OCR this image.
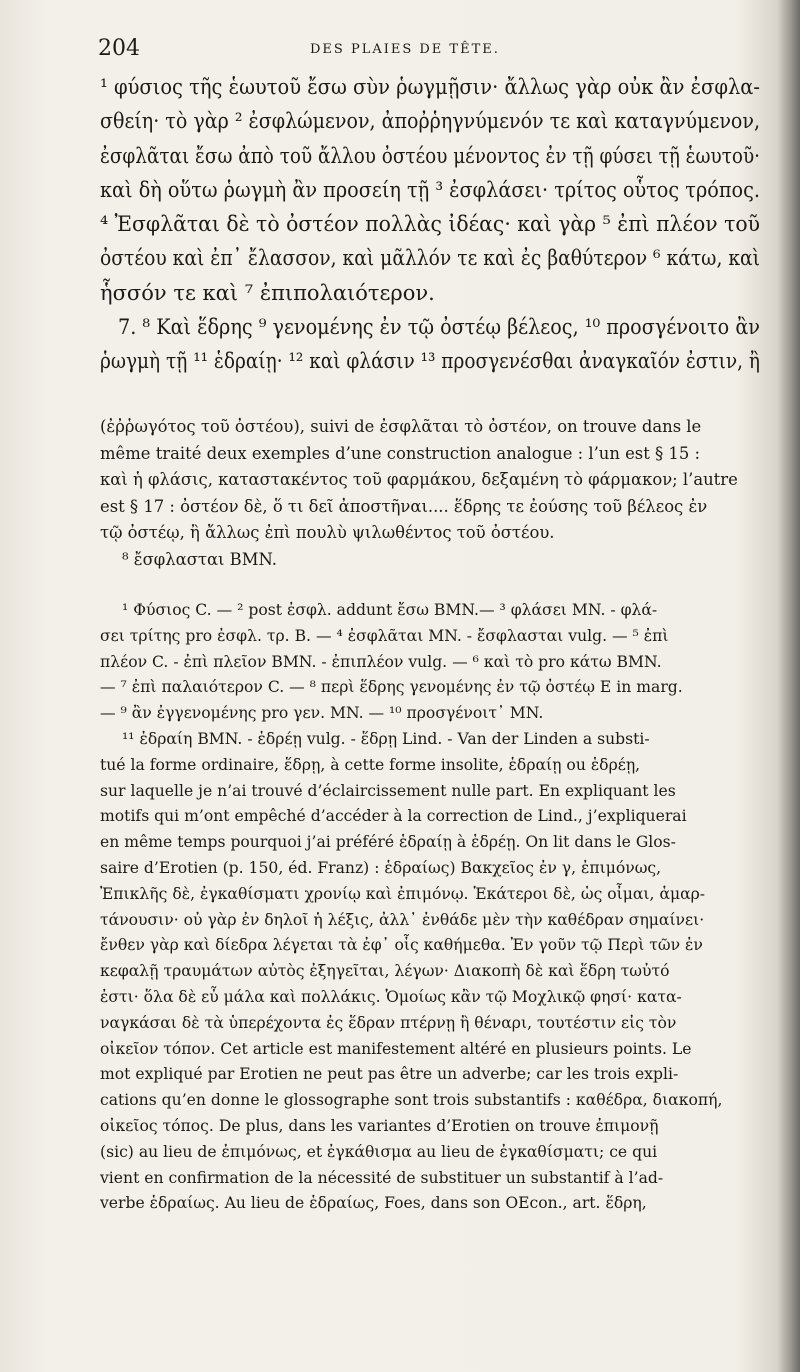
204	DES PLAIES DE TÊTE.
¹ φύσιος τῆς ἑωυτοῦ ἔσω σὺν ῥωγμῇσιν· ἄλλως γὰρ οὐκ ἂν ἐσφλα-
σθείη· τὸ γὰρ ² ἐσφλώμενον, ἀποῤῥηγνύμενόν τε καὶ καταγνύμενον,
ἐσφλᾶται ἔσω ἀπὸ τοῦ ἄλλου ὀστέου μένοντος ἐν τῇ φύσει τῇ ἑωυτοῦ·
καὶ δὴ οὕτω ῥωγμὴ ἂν προσείη τῇ ³ ἐσφλάσει· τρίτος οὗτος τρόπος.
⁴ Ἐσφλᾶται δὲ τὸ ὀστέον πολλὰς ἰδέας· καὶ γὰρ ⁵ ἐπὶ πλέον τοῦ
ὀστέου καὶ ἐπ᾽ ἔλασσον, καὶ μᾶλλόν τε καὶ ἐς βαθύτερον ⁶ κάτω, καὶ
ἧσσόν τε καὶ ⁷ ἐπιπολαιότερον.
7. ⁸ Καὶ ἕδρης ⁹ γενομένης ἐν τῷ ὀστέῳ βέλεος, ¹⁰ προσγένοιτο ἂν
ῥωγμὴ τῇ ¹¹ ἑδραίῃ· ¹² καὶ φλάσιν ¹³ προσγενέσθαι ἀναγκαῖόν ἐστιν, ἢ
(ἐῤῥωγότος τοῦ ὀστέου), suivi de ἐσφλᾶται τὸ ὀστέον, on trouve dans le
même traité deux exemples d’une construction analogue : l’un est § 15 :
καὶ ἡ φλάσις, καταστακέντος τοῦ φαρμάκου, δεξαμένη τὸ φάρμακον; l’autre
est § 17 : ὀστέον δὲ, ὅ τι δεῖ ἀποστῆναι.... ἕδρης τε ἐούσης τοῦ βέλεος ἐν
τῷ ὀστέῳ, ἢ ἄλλως ἐπὶ πουλὺ ψιλωθέντος τοῦ ὀστέου.
⁸ ἔσφλασται BMN.
¹ Φύσιος C. — ² post ἐσφλ. addunt ἔσω BMN.— ³ φλάσει MN. - φλά-
σει τρίτης pro ἐσφλ. τρ. B. — ⁴ ἐσφλᾶται MN. - ἔσφλασται vulg. — ⁵ ἐπὶ
πλέον C. - ἐπὶ πλεῖον BMN. - ἐπιπλέον vulg. — ⁶ καὶ τὸ pro κάτω BMN.
— ⁷ ἐπὶ παλαιότερον C. — ⁸ περὶ ἕδρης γενομένης ἐν τῷ ὀστέῳ E in marg.
— ⁹ ἂν ἐγγενομένης pro γεν. MN. — ¹⁰ προσγένοιτ᾽ MN.
¹¹ ἑδραίη BMN. - ἑδρέῃ vulg. - ἕδρῃ Lind. - Van der Linden a substi-
tué la forme ordinaire, ἕδρῃ, à cette forme insolite, ἑδραίῃ ou ἑδρέῃ,
sur laquelle je n’ai trouvé d’éclaircissement nulle part. En expliquant les
motifs qui m’ont empêché d’accéder à la correction de Lind., j’expliquerai
en même temps pourquoi j’ai préféré ἑδραίῃ à ἑδρέῃ. On lit dans le Glos-
saire d’Erotien (p. 150, éd. Franz) : ἑδραίως) Βακχεῖος ἐν γ, ἐπιμόνως,
Ἐπικλῆς δὲ, ἐγκαθίσματι χρονίῳ καὶ ἐπιμόνῳ. Ἑκάτεροι δὲ, ὡς οἶμαι, ἁμαρ-
τάνουσιν· οὐ γὰρ ἐν δηλοῖ ἡ λέξις, ἀλλ᾽ ἐνθάδε μὲν τὴν καθέδραν σημαίνει·
ἔνθεν γὰρ καὶ δίεδρα λέγεται τὰ ἐφ᾽ οἷς καθήμεθα. Ἐν γοῦν τῷ Περὶ τῶν ἐν
κεφαλῇ τραυμάτων αὐτὸς ἐξηγεῖται, λέγων· Διακοπὴ δὲ καὶ ἕδρη τωὐτό
ἐστι· ὅλα δὲ εὖ μάλα καὶ πολλάκις. Ὁμοίως κἂν τῷ Μοχλικῷ φησί· κατα-
ναγκάσαι δὲ τὰ ὑπερέχοντα ἐς ἕδραν πτέρνῃ ἢ θέναρι, τουτέστιν εἰς τὸν
οἰκεῖον τόπον. Cet article est manifestement altéré en plusieurs points. Le
mot expliqué par Erotien ne peut pas être un adverbe; car les trois expli-
cations qu’en donne le glossographe sont trois substantifs : καθέδρα, διακοπή,
οἰκεῖος τόπος. De plus, dans les variantes d’Erotien on trouve ἐπιμονῇ
(sic) au lieu de ἐπιμόνως, et ἐγκάθισμα au lieu de ἐγκαθίσματι; ce qui
vient en confirmation de la nécessité de substituer un substantif à l’ad-
verbe ἑδραίως. Au lieu de ἑδραίως, Foes, dans son OEcon., art. ἕδρη,
